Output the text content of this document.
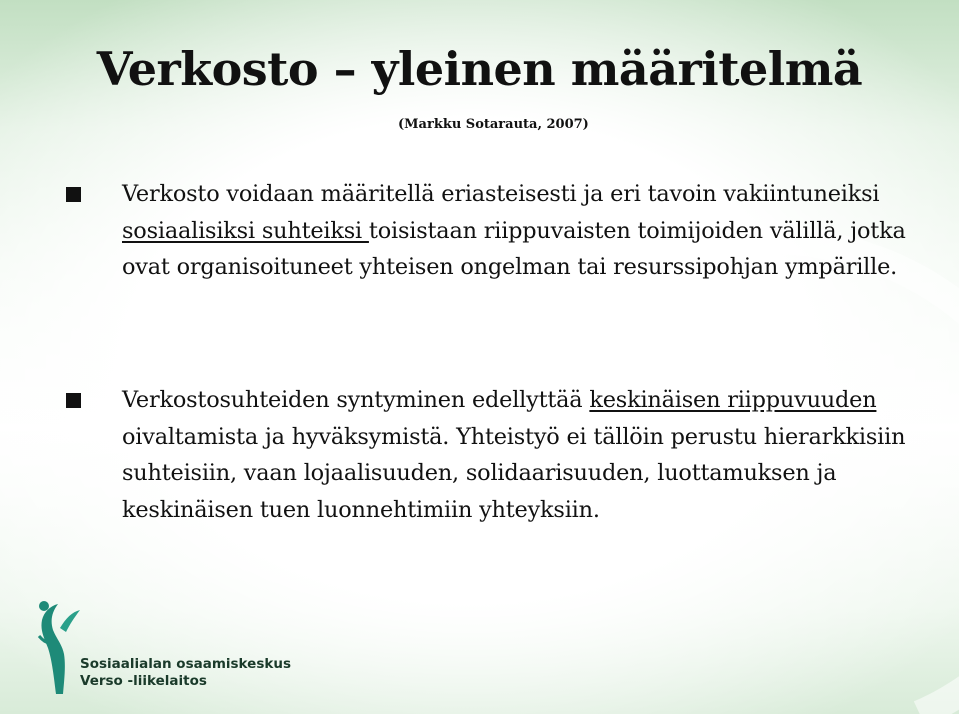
Verkosto – yleinen määritelmä
(Markku Sotarauta, 2007)

Verkosto voidaan määritellä eriasteisesti ja eri tavoin vakiintuneiksi sosiaalisiksi suhteiksi toisistaan riippuvaisten toimijoiden välillä, jotka ovat organisoituneet yhteisen ongelman tai resurssipohjan ympärille.

Verkostosuhteiden syntyminen edellyttää keskinäisen riippuvuuden oivaltamista ja hyväksymistä. Yhteistyö ei tällöin perustu hierarkkisiin suhteisiin, vaan lojaalisuuden, solidaarisuuden, luottamuksen ja keskinäisen tuen luonnehtimiin yhteyksiin.

Sosiaalialan osaamiskeskus
Verso -liikelaitos
